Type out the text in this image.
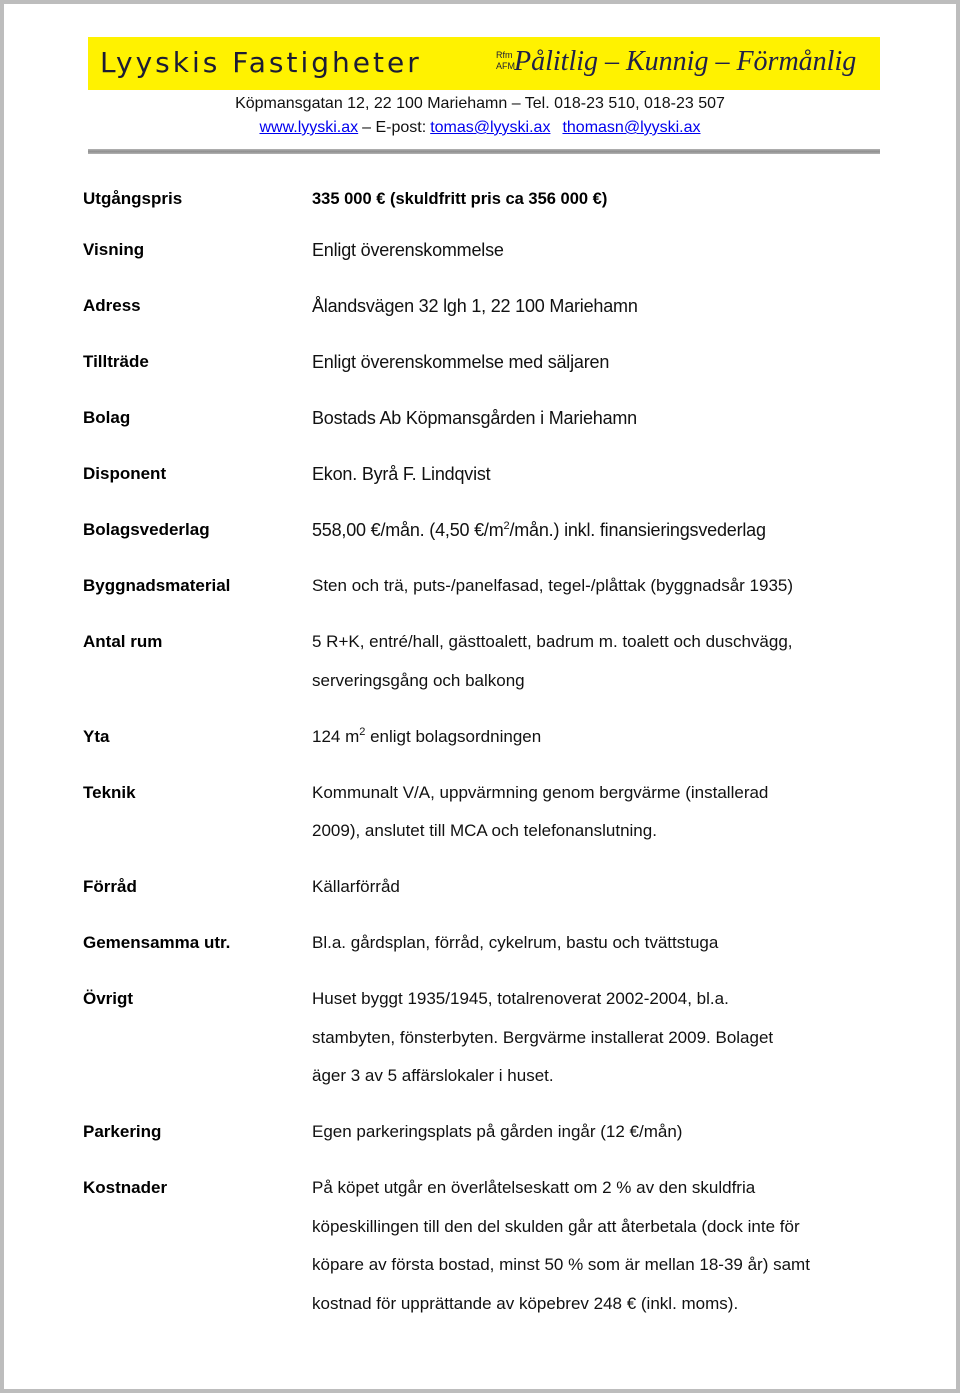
Lyyskis Fastigheter	Rfm
AFM Pålitlig – Kunnig – Förmånlig
Köpmansgatan 12, 22 100 Mariehamn – Tel. 018-23 510, 018-23 507
www.lyyski.ax – E-post: tomas@lyyski.ax thomasn@lyyski.ax
Utgångspris	335 000 € (skuldfritt pris ca 356 000 €)
Visning	Enligt överenskommelse
Adress	Ålandsvägen 32 lgh 1, 22 100 Mariehamn
Tillträde	Enligt överenskommelse med säljaren
Bolag	Bostads Ab Köpmansgården i Mariehamn
Disponent	Ekon. Byrå F. Lindqvist
Bolagsvederlag	558,00 €/mån. (4,50 $€/m^2/mån$.) inkl. finansieringsvederlag
Byggnadsmaterial	Sten och trä, puts-/panelfasad, tegel-/plåttak (byggnadsår 1935)
Antal rum	5 R+K, entré/hall, gästtoalett, badrum m. toalett och duschvägg,
serveringsgång och balkong
Yta	124 $m^2$ enligt bolagsordningen
Teknik	Kommunalt V/A, uppvärmning genom bergvärme (installerad
2009), anslutet till MCA och telefonanslutning.
Förråd	Källarförråd
Gemensamma utr.	Bl.a. gårdsplan, förråd, cykelrum, bastu och tvättstuga
Övrigt	Huset byggt 1935/1945, totalrenoverat 2002-2004, bl.a.
stambyten, fönsterbyten. Bergvärme installerat 2009. Bolaget
äger 3 av 5 affärslokaler i huset.
Parkering	Egen parkeringsplats på gården ingår (12 €/mån)
Kostnader	På köpet utgår en överlåtelseskatt om 2 % av den skuldfria
köpeskillingen till den del skulden går att återbetala (dock inte för
köpare av första bostad, minst 50 % som är mellan 18-39 år) samt
kostnad för upprättande av köpebrev 248 € (inkl. moms).
